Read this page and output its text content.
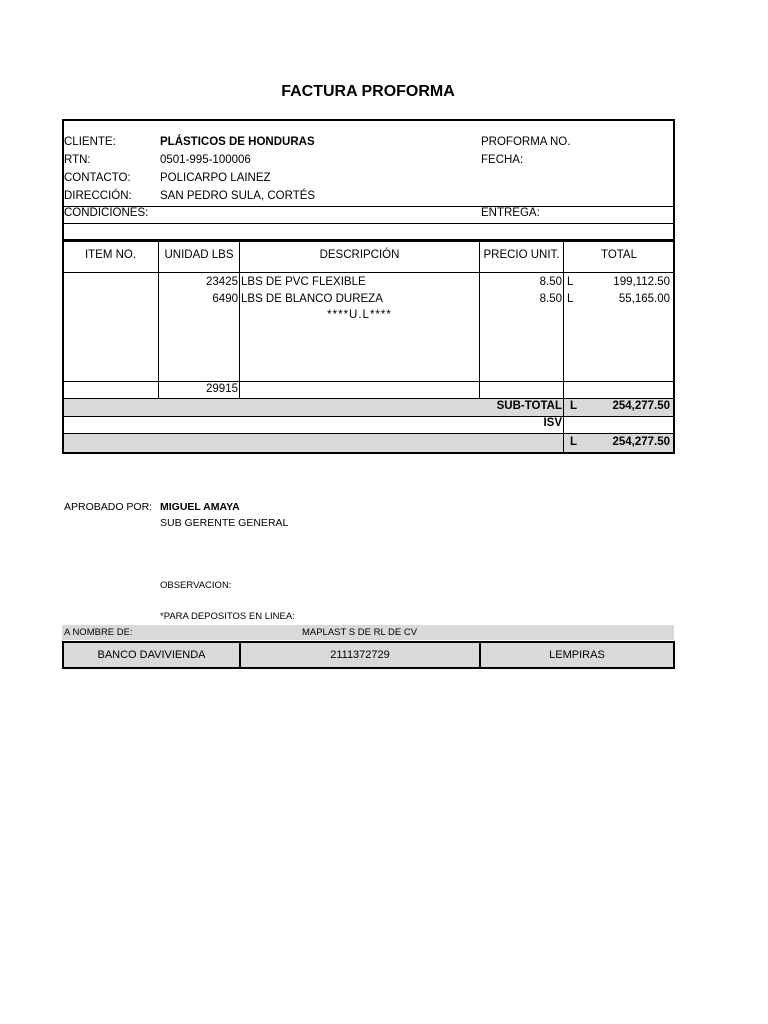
FACTURA PROFORMA
CLIENTE:	PLÁSTICOS DE HONDURAS
RTN:	0501-995-100006
CONTACTO:	POLICARPO LAINEZ
DIRECCIÓN: SAN PEDRO SULA, CORTÉS
CONDICIONES:
PROFORMA NO.
FECHA:
ENTREGA:
ITEM NO.	UNIDAD LBS	DESCRIPCIÓN	PRECIO UNIT.	TOTAL
23425 LBS DE PVC FLEXIBLE	8.50 L	199,112.50
6490 LBS DE BLANCO DUREZA	8.50 L	55,165.00
****U.L****
29915
SUB-TOTAL L	254,277.50
ISV
L	254,277.50
APROBADO POR: MIGUEL AMAYA
SUB GERENTE GENERAL
OBSERVACION:
*PARA DEPOSITOS EN LINEA:
A NOMBRE DE:	MAPLAST S DE RL DE CV
BANCO DAVIVIENDA	2111372729	LEMPIRAS
